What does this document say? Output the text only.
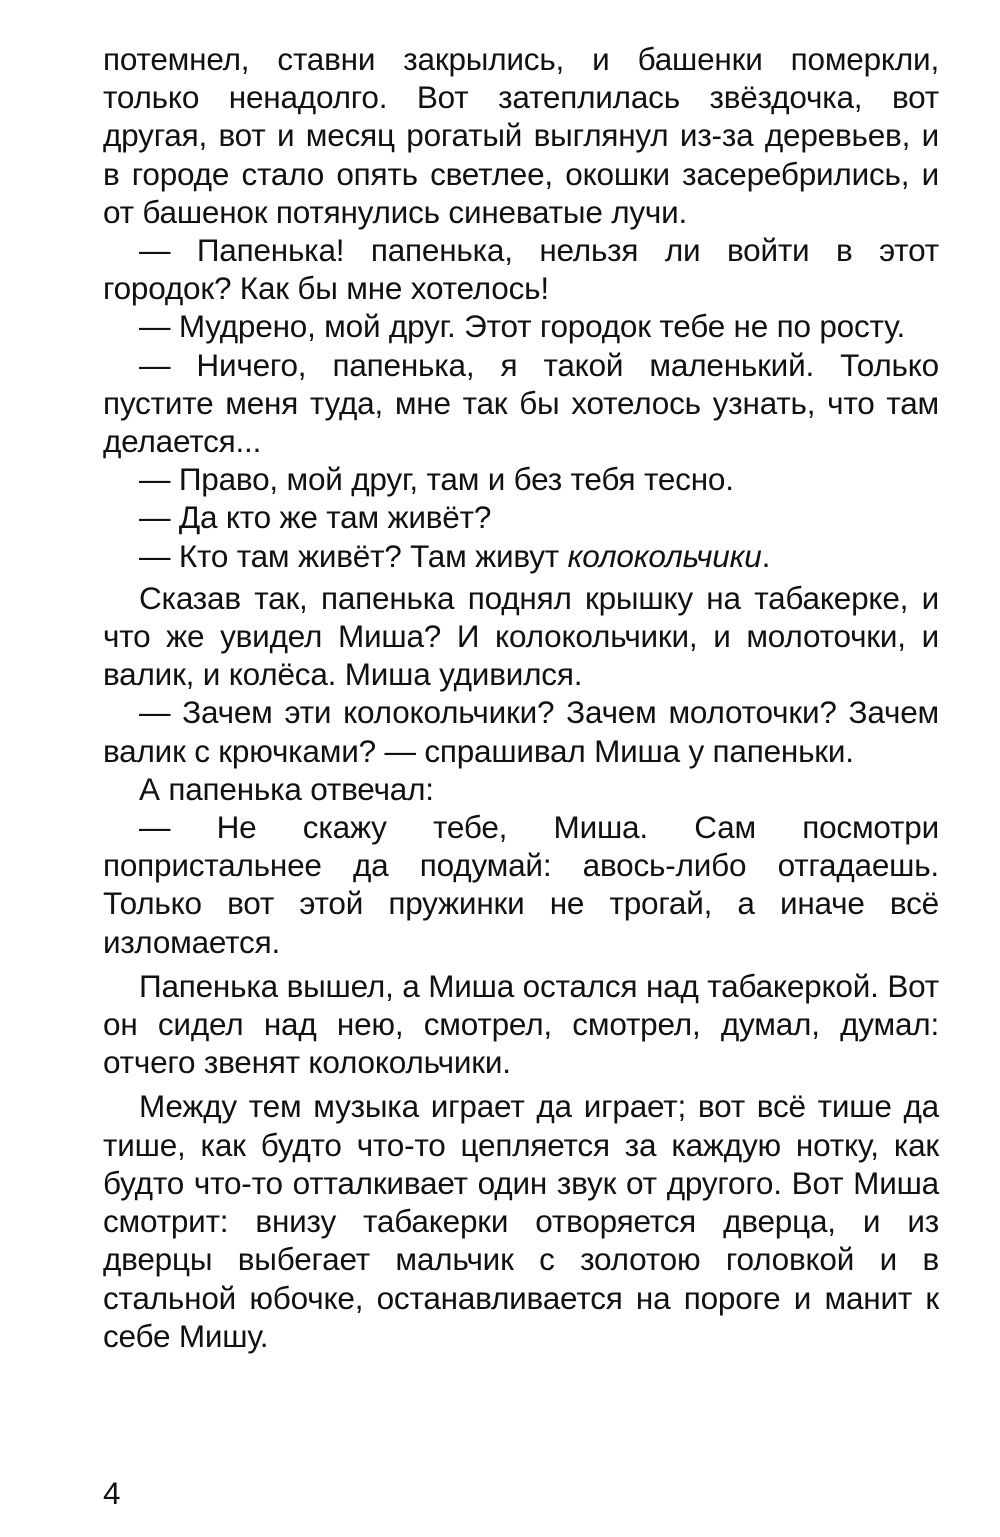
потемнел, ставни закрылись, и башенки померкли, только ненадолго. Вот затеплилась звёздочка, вот другая, вот и месяц рогатый выглянул из-за деревьев, и в городе стало опять светлее, окошки засеребрились, и от башенок потянулись синеватые лучи.

— Папенька! папенька, нельзя ли войти в этот городок? Как бы мне хотелось!

— Мудрено, мой друг. Этот городок тебе не по росту.

— Ничего, папенька, я такой маленький. Только пустите меня туда, мне так бы хотелось узнать, что там делается...

— Право, мой друг, там и без тебя тесно.

— Да кто же там живёт?

— Кто там живёт? Там живут колокольчики.

Сказав так, папенька поднял крышку на табакерке, и что же увидел Миша? И колокольчики, и молоточки, и валик, и колёса. Миша удивился.

— Зачем эти колокольчики? Зачем молоточки? Зачем валик с крючками? — спрашивал Миша у папеньки.

А папенька отвечал:

— Не скажу тебе, Миша. Сам посмотри попристальнее да подумай: авось-либо отгадаешь. Только вот этой пружинки не трогай, а иначе всё изломается.

Папенька вышел, а Миша остался над табакеркой. Вот он сидел над нею, смотрел, смотрел, думал, думал: отчего звенят колокольчики.

Между тем музыка играет да играет; вот всё тише да тише, как будто что-то цепляется за каждую нотку, как будто что-то отталкивает один звук от другого. Вот Миша смотрит: внизу табакерки отворяется дверца, и из дверцы выбегает мальчик с золотою головкой и в стальной юбочке, останавливается на пороге и манит к себе Мишу.

4
